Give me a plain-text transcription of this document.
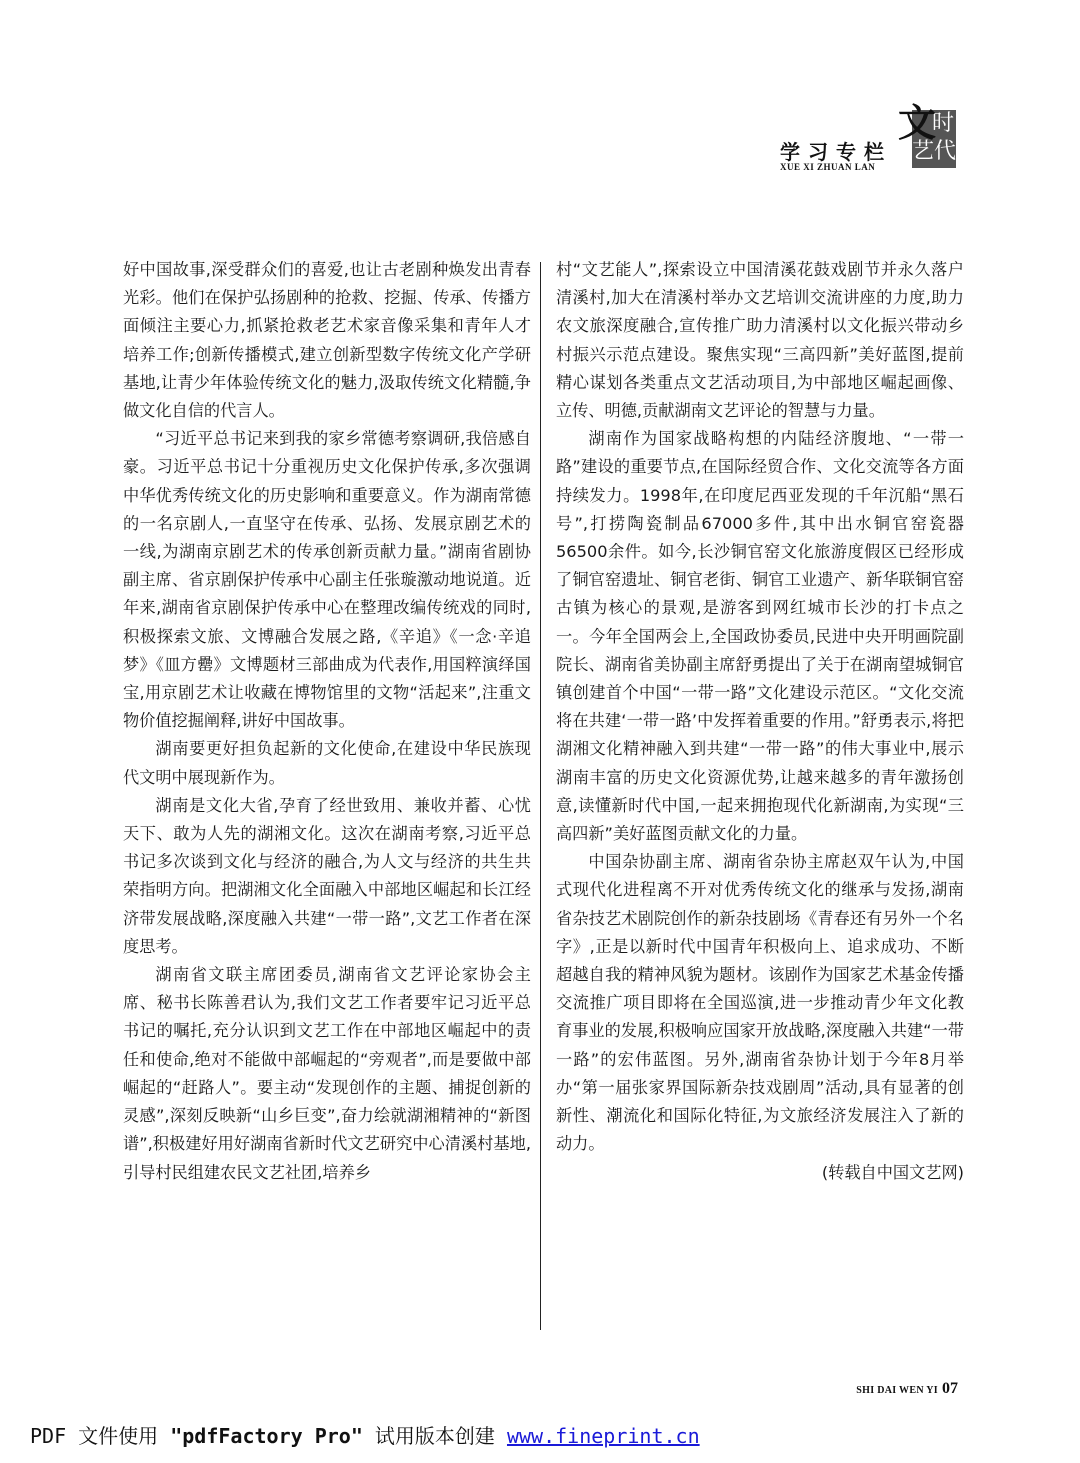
学习专栏
XUE XI ZHUAN LAN
时
艺 代
文

好中国故事,深受群众们的喜爱,也让古老剧种焕发出青春光彩。他们在保护弘扬剧种的抢救、挖掘、传承、传播方面倾注主要心力,抓紧抢救老艺术家音像采集和青年人才培养工作;创新传播模式,建立创新型数字传统文化产学研基地,让青少年体验传统文化的魅力,汲取传统文化精髓,争做文化自信的代言人。

“习近平总书记来到我的家乡常德考察调研,我倍感自豪。习近平总书记十分重视历史文化保护传承,多次强调中华优秀传统文化的历史影响和重要意义。作为湖南常德的一名京剧人,一直坚守在传承、弘扬、发展京剧艺术的一线,为湖南京剧艺术的传承创新贡献力量。”湖南省剧协副主席、省京剧保护传承中心副主任张璇激动地说道。近年来,湖南省京剧保护传承中心在整理改编传统戏的同时,积极探索文旅、文博融合发展之路,《辛追》《一念·辛追梦》《皿方罍》文博题材三部曲成为代表作,用国粹演绎国宝,用京剧艺术让收藏在博物馆里的文物“活起来”,注重文物价值挖掘阐释,讲好中国故事。

湖南要更好担负起新的文化使命,在建设中华民族现代文明中展现新作为。

湖南是文化大省,孕育了经世致用、兼收并蓄、心忧天下、敢为人先的湖湘文化。这次在湖南考察,习近平总书记多次谈到文化与经济的融合,为人文与经济的共生共荣指明方向。把湖湘文化全面融入中部地区崛起和长江经济带发展战略,深度融入共建“一带一路”,文艺工作者在深度思考。

湖南省文联主席团委员,湖南省文艺评论家协会主席、秘书长陈善君认为,我们文艺工作者要牢记习近平总书记的嘱托,充分认识到文艺工作在中部地区崛起中的责任和使命,绝对不能做中部崛起的“旁观者”,而是要做中部崛起的“赶路人”。要主动“发现创作的主题、捕捉创新的灵感”,深刻反映新“山乡巨变”,奋力绘就湖湘精神的“新图谱”,积极建好用好湖南省新时代文艺研究中心清溪村基地,引导村民组建农民文艺社团,培养乡

村“文艺能人”,探索设立中国清溪花鼓戏剧节并永久落户清溪村,加大在清溪村举办文艺培训交流讲座的力度,助力农文旅深度融合,宣传推广助力清溪村以文化振兴带动乡村振兴示范点建设。聚焦实现“三高四新”美好蓝图,提前精心谋划各类重点文艺活动项目,为中部地区崛起画像、立传、明德,贡献湖南文艺评论的智慧与力量。

湖南作为国家战略构想的内陆经济腹地、“一带一路”建设的重要节点,在国际经贸合作、文化交流等各方面持续发力。1998年,在印度尼西亚发现的千年沉船“黑石号”,打捞陶瓷制品67000多件,其中出水铜官窑瓷器56500余件。如今,长沙铜官窑文化旅游度假区已经形成了铜官窑遗址、铜官老街、铜官工业遗产、新华联铜官窑古镇为核心的景观,是游客到网红城市长沙的打卡点之一。今年全国两会上,全国政协委员,民进中央开明画院副院长、湖南省美协副主席舒勇提出了关于在湖南望城铜官镇创建首个中国“一带一路”文化建设示范区。“文化交流将在共建‘一带一路’中发挥着重要的作用。”舒勇表示,将把湖湘文化精神融入到共建“一带一路”的伟大事业中,展示湖南丰富的历史文化资源优势,让越来越多的青年激扬创意,读懂新时代中国,一起来拥抱现代化新湖南,为实现“三高四新”美好蓝图贡献文化的力量。

中国杂协副主席、湖南省杂协主席赵双午认为,中国式现代化进程离不开对优秀传统文化的继承与发扬,湖南省杂技艺术剧院创作的新杂技剧场《青春还有另外一个名字》,正是以新时代中国青年积极向上、追求成功、不断超越自我的精神风貌为题材。该剧作为国家艺术基金传播交流推广项目即将在全国巡演,进一步推动青少年文化教育事业的发展,积极响应国家开放战略,深度融入共建“一带一路”的宏伟蓝图。另外,湖南省杂协计划于今年8月举办“第一届张家界国际新杂技戏剧周”活动,具有显著的创新性、潮流化和国际化特征,为文旅经济发展注入了新的动力。

(转载自中国文艺网)

SHI DAI WEN YI 07
PDF 文件使用 "pdfFactory Pro" 试用版本创建 www.fineprint.cn
